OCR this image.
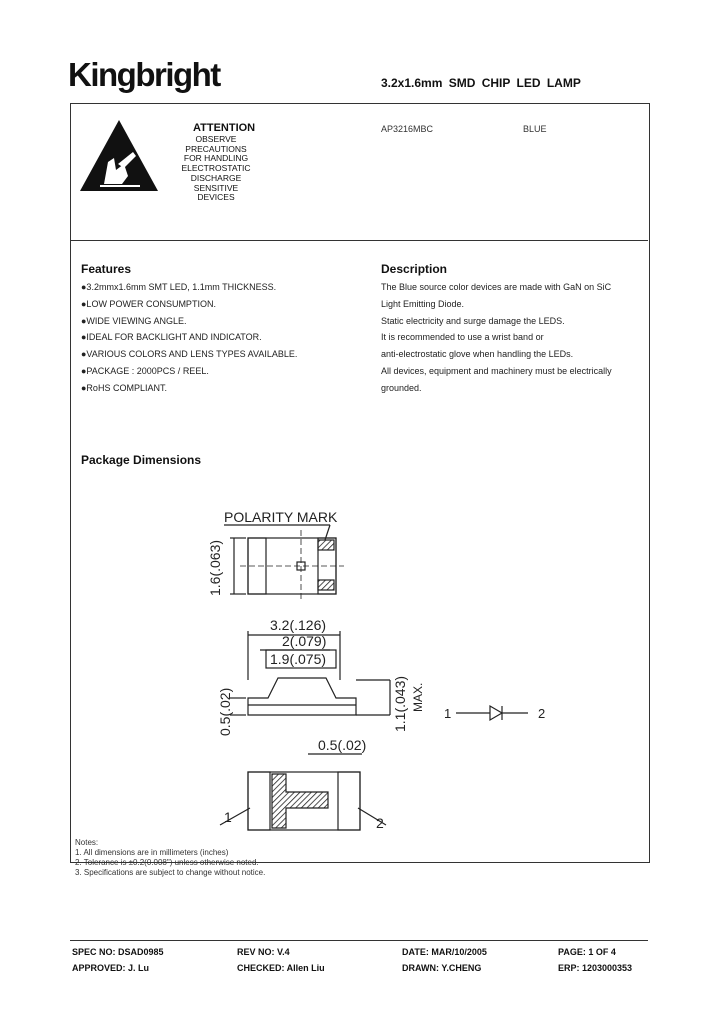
Kingbright	3.2x1.6mm SMD CHIP LED LAMP
ATTENTION
OBSERVE PRECAUTIONS
FOR HANDLING
ELECTROSTATIC
DISCHARGE
SENSITIVE
DEVICES
AP3216MBC	BLUE
Features
●3.2mmx1.6mm SMT LED, 1.1mm THICKNESS.
●LOW POWER CONSUMPTION.
●WIDE VIEWING ANGLE.
●IDEAL FOR BACKLIGHT AND INDICATOR.
●VARIOUS COLORS AND LENS TYPES AVAILABLE.
●PACKAGE : 2000PCS / REEL.
●RoHS COMPLIANT.
Description
The Blue source color devices are made with GaN on SiC
Light Emitting Diode.
Static electricity and surge damage the LEDS.
It is recommended to use a wrist band or
anti-electrostatic glove when handling the LEDs.
All devices, equipment and machinery must be electrically
grounded.
Package Dimensions
POLARITY MARK
1.6(.063)
3.2(.126)
2(.079)
1.9(.075)
1.1(.043) MAX.
0.5(.02)
0.5(.02)
1	2
1	2
Notes:
1. All dimensions are in millimeters (inches)
2. Tolerance is ±0.2(0.008") unless otherwise noted.
3. Specifications are subject to change without notice.
SPEC NO: DSAD0985	REV NO: V.4	DATE: MAR/10/2005	PAGE: 1 OF 4
APPROVED: J. Lu	CHECKED: Allen Liu	DRAWN: Y.CHENG	ERP: 1203000353
